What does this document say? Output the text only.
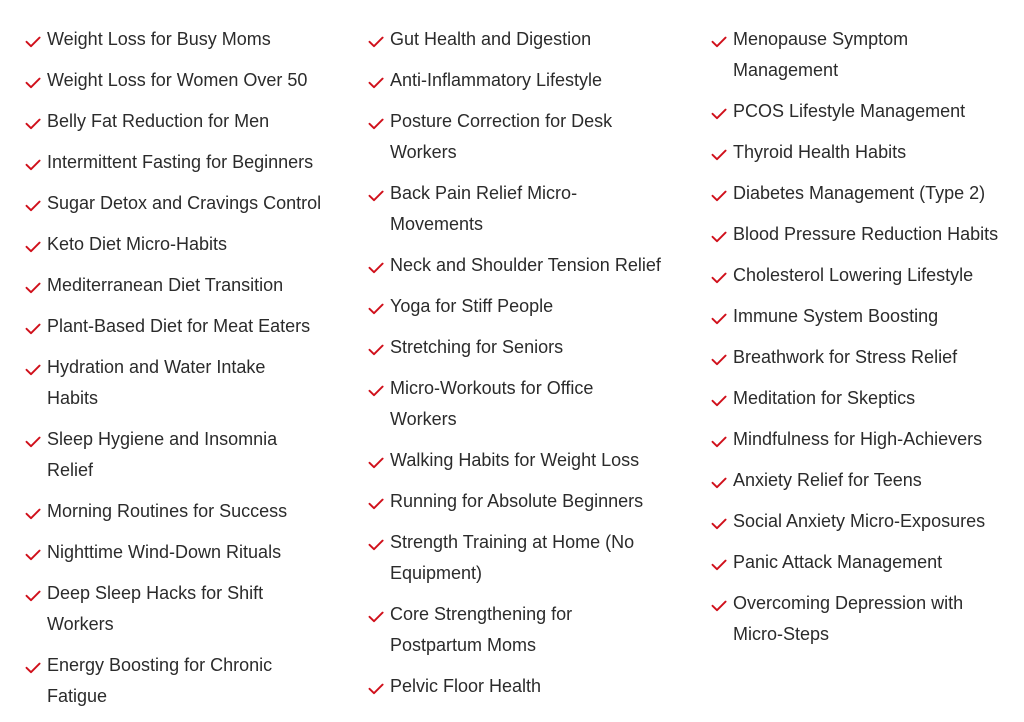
Weight Loss for Busy Moms
Weight Loss for Women Over 50
Belly Fat Reduction for Men
Intermittent Fasting for Beginners
Sugar Detox and Cravings Control
Keto Diet Micro-Habits
Mediterranean Diet Transition
Plant-Based Diet for Meat Eaters
Hydration and Water Intake
Habits
Sleep Hygiene and Insomnia
Relief
Morning Routines for Success
Nighttime Wind-Down Rituals
Deep Sleep Hacks for Shift
Workers
Energy Boosting for Chronic
Fatigue
Gut Health and Digestion
Anti-Inflammatory Lifestyle
Posture Correction for Desk
Workers
Back Pain Relief Micro-
Movements
Neck and Shoulder Tension Relief
Yoga for Stiff People
Stretching for Seniors
Micro-Workouts for Office
Workers
Walking Habits for Weight Loss
Running for Absolute Beginners
Strength Training at Home (No
Equipment)
Core Strengthening for
Postpartum Moms
Pelvic Floor Health
Menopause Symptom
Management
PCOS Lifestyle Management
Thyroid Health Habits
Diabetes Management (Type 2)
Blood Pressure Reduction Habits
Cholesterol Lowering Lifestyle
Immune System Boosting
Breathwork for Stress Relief
Meditation for Skeptics
Mindfulness for High-Achievers
Anxiety Relief for Teens
Social Anxiety Micro-Exposures
Panic Attack Management
Overcoming Depression with
Micro-Steps
